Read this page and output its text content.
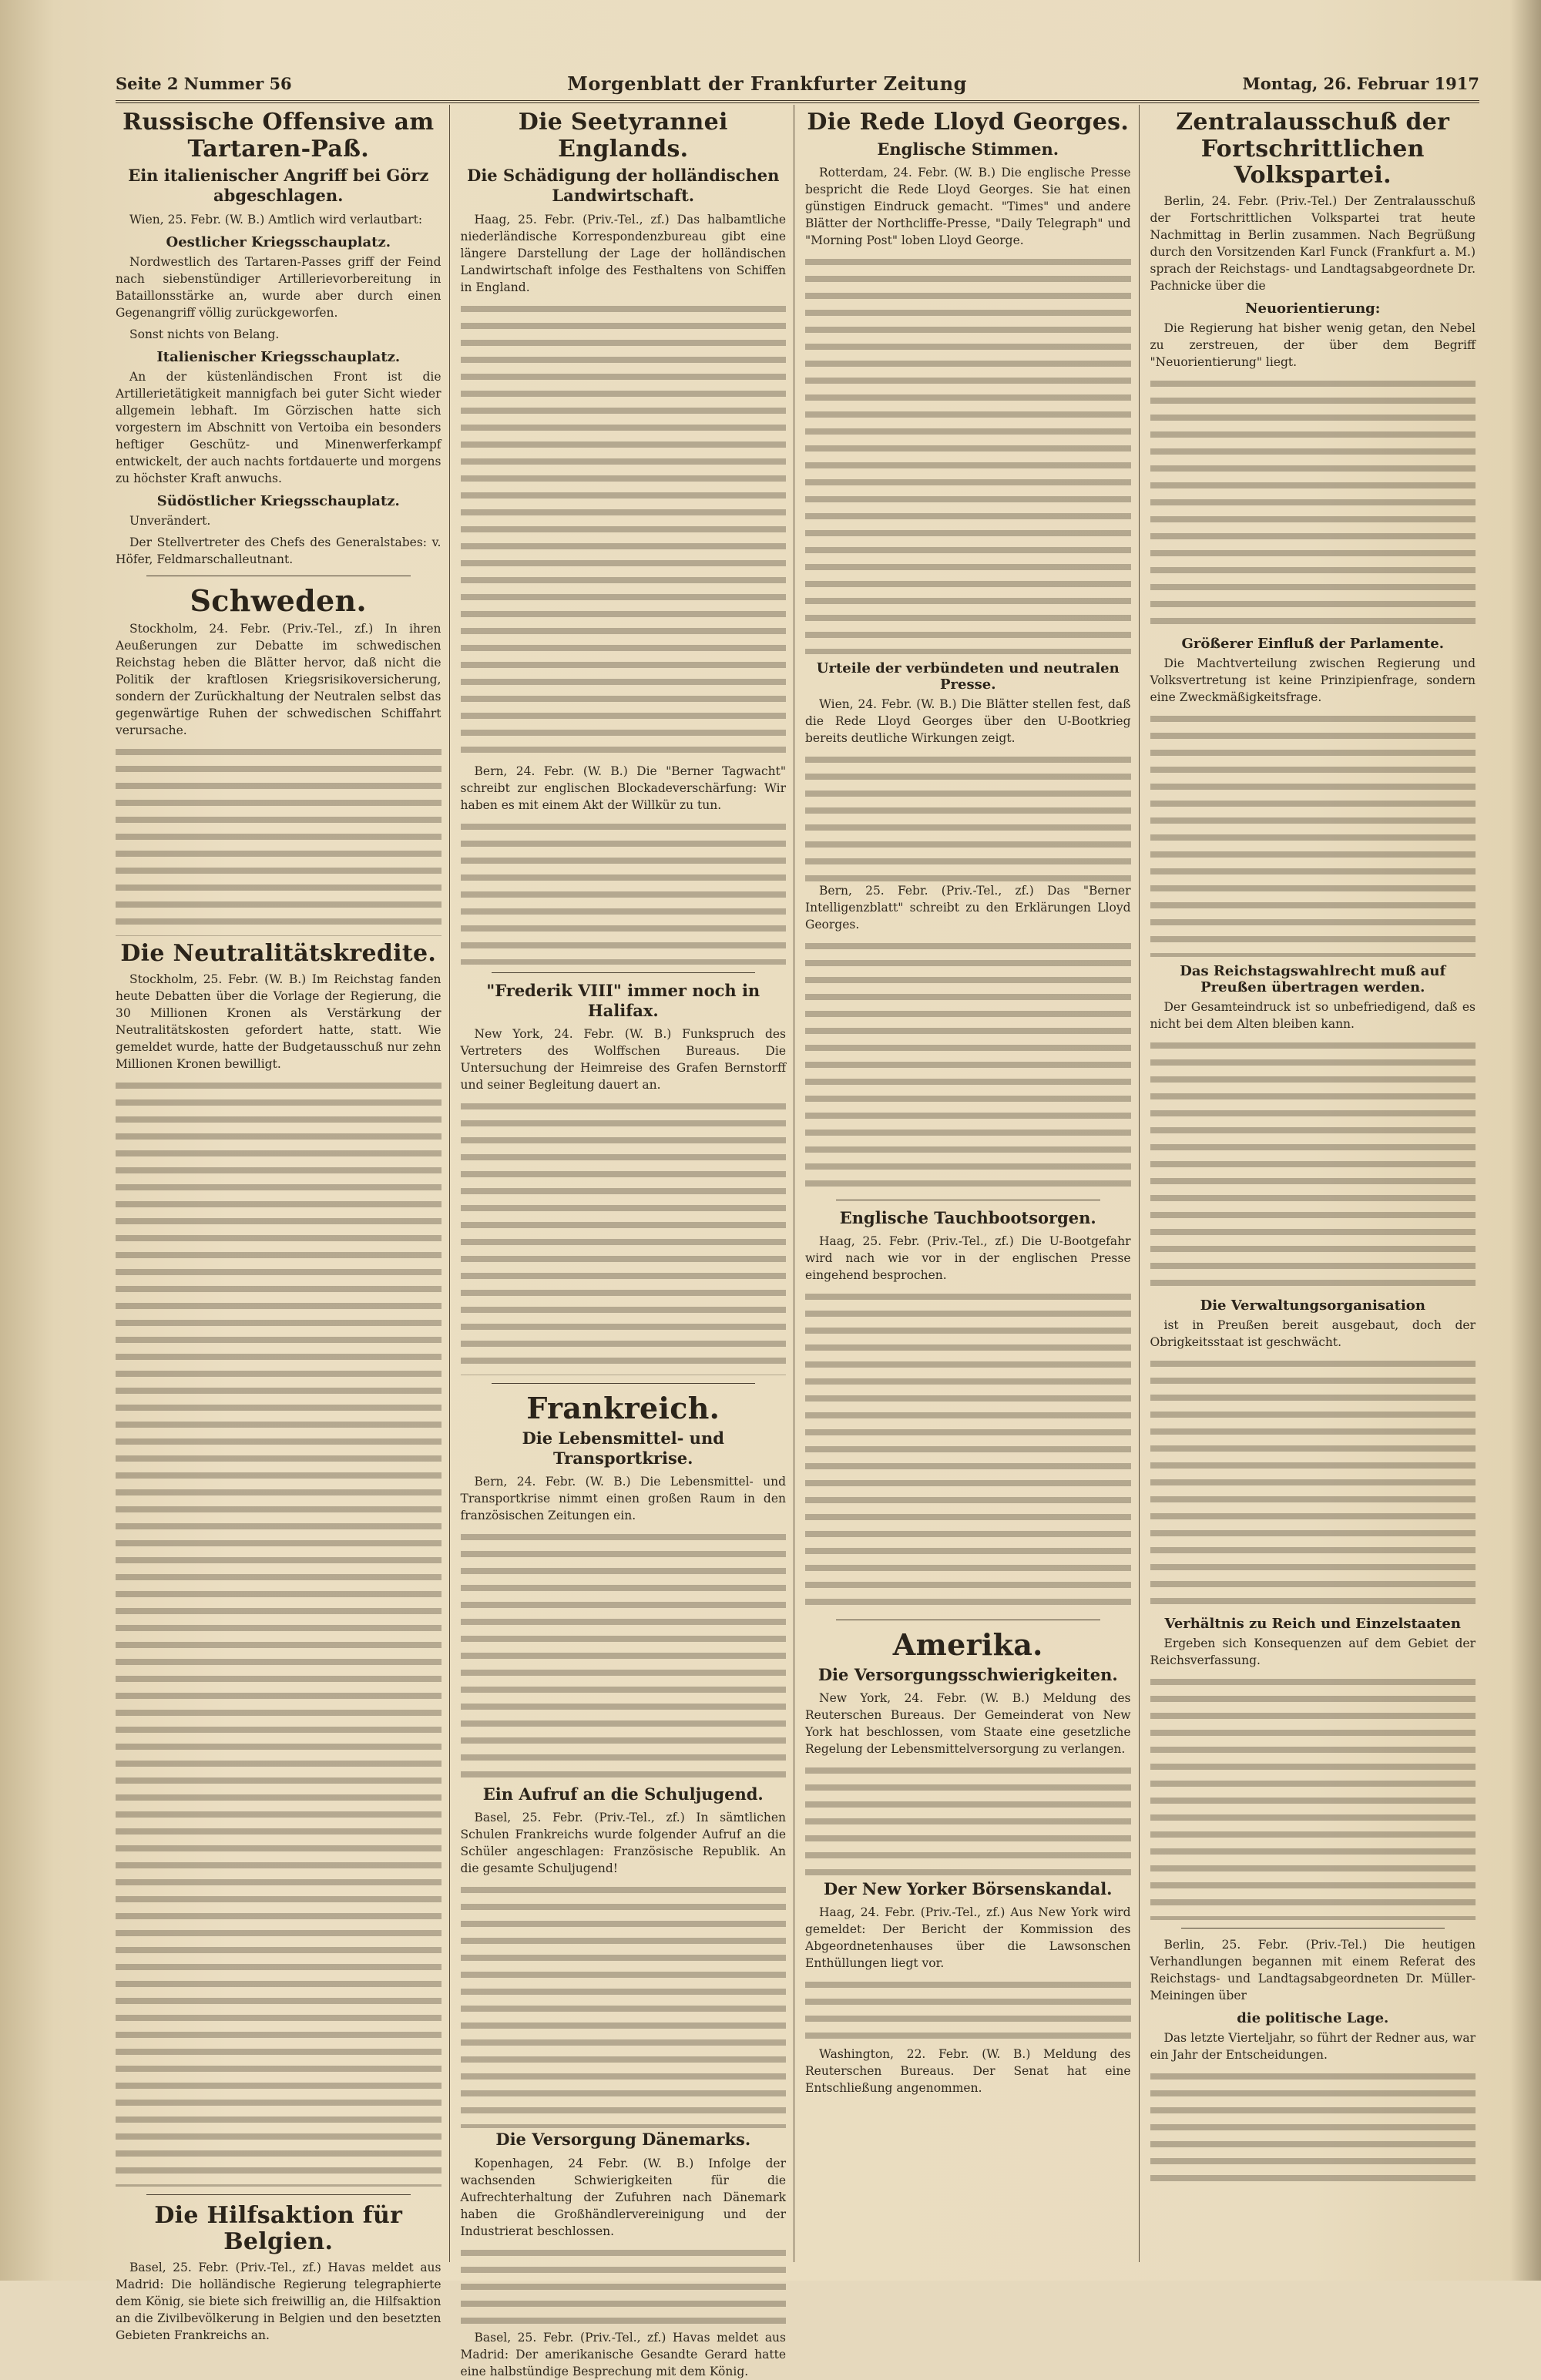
Seite 2 Nummer 56	Morgenblatt der Frankfurter Zeitung	Montag, 26. Februar 1917
Russische Offensive am Tartaren-Paß.
Ein italienischer Angriff bei Görz abgeschlagen.

Wien, 25. Febr. (W. B.) Amtlich wird verlautbart:

Oestlicher Kriegsschauplatz.

Nordwestlich des Tartaren-Passes griff der Feind nach siebenstündiger Artillerievorbereitung in Bataillonsstärke an, wurde aber durch einen Gegenangriff völlig zurückgeworfen.

Sonst nichts von Belang.

Italienischer Kriegsschauplatz.

An der küstenländischen Front ist die Artillerietätigkeit mannigfach bei guter Sicht wieder allgemein lebhaft. Im Görzischen hatte sich vorgestern im Abschnitt von Vertoiba ein besonders heftiger Geschütz- und Minenwerferkampf entwickelt, der auch nachts fortdauerte und morgens zu höchster Kraft anwuchs.

Südöstlicher Kriegsschauplatz.

Unverändert.

Der Stellvertreter des Chefs des Generalstabes: v. Höfer, Feldmarschalleutnant.

Schweden.

Stockholm, 24. Febr. (Priv.-Tel., zf.) In ihren Aeußerungen zur Debatte im schwedischen Reichstag heben die Blätter hervor, daß nicht die Politik der kraftlosen Kriegsrisikoversicherung, sondern der Zurückhaltung der Neutralen selbst das gegenwärtige Ruhen der schwedischen Schiffahrt verursache.

Die Neutralitätskredite.

Stockholm, 25. Febr. (W. B.) Im Reichstag fanden heute Debatten über die Vorlage der Regierung, die 30 Millionen Kronen als Verstärkung der Neutralitätskosten gefordert hatte, statt. Wie gemeldet wurde, hatte der Budgetausschuß nur zehn Millionen Kronen bewilligt.

Die Hilfsaktion für Belgien.

Basel, 25. Febr. (Priv.-Tel., zf.) Havas meldet aus Madrid: Die holländische Regierung telegraphierte dem König, sie biete sich freiwillig an, die Hilfsaktion an die Zivilbevölkerung in Belgien und den besetzten Gebieten Frankreichs an.

Die Seetyrannei Englands.
Die Schädigung der holländischen Landwirtschaft.

Haag, 25. Febr. (Priv.-Tel., zf.) Das halbamtliche niederländische Korrespondenzbureau gibt eine längere Darstellung der Lage der holländischen Landwirtschaft infolge des Festhaltens von Schiffen in England.

Bern, 24. Febr. (W. B.) Die "Berner Tagwacht" schreibt zur englischen Blockadeverschärfung: Wir haben es mit einem Akt der Willkür zu tun.

"Frederik VIII" immer noch in Halifax.

New York, 24. Febr. (W. B.) Funkspruch des Vertreters des Wolffschen Bureaus. Die Untersuchung der Heimreise des Grafen Bernstorff und seiner Begleitung dauert an.

Frankreich.
Die Lebensmittel- und Transportkrise.

Bern, 24. Febr. (W. B.) Die Lebensmittel- und Transportkrise nimmt einen großen Raum in den französischen Zeitungen ein.

Ein Aufruf an die Schuljugend.

Basel, 25. Febr. (Priv.-Tel., zf.) In sämtlichen Schulen Frankreichs wurde folgender Aufruf an die Schüler angeschlagen: Französische Republik. An die gesamte Schuljugend!

Die Versorgung Dänemarks.

Kopenhagen, 24 Febr. (W. B.) Infolge der wachsenden Schwierigkeiten für die Aufrechterhaltung der Zufuhren nach Dänemark haben die Großhändlervereinigung und der Industrierat beschlossen.

Basel, 25. Febr. (Priv.-Tel., zf.) Havas meldet aus Madrid: Der amerikanische Gesandte Gerard hatte eine halbstündige Besprechung mit dem König.

Die Rede Lloyd Georges.
Englische Stimmen.

Rotterdam, 24. Febr. (W. B.) Die englische Presse bespricht die Rede Lloyd Georges. Sie hat einen günstigen Eindruck gemacht. "Times" und andere Blätter der Northcliffe-Presse, "Daily Telegraph" und "Morning Post" loben Lloyd George.

Urteile der verbündeten und neutralen Presse.

Wien, 24. Febr. (W. B.) Die Blätter stellen fest, daß die Rede Lloyd Georges über den U-Bootkrieg bereits deutliche Wirkungen zeigt.

Bern, 25. Febr. (Priv.-Tel., zf.) Das "Berner Intelligenzblatt" schreibt zu den Erklärungen Lloyd Georges.

Englische Tauchbootsorgen.

Haag, 25. Febr. (Priv.-Tel., zf.) Die U-Bootgefahr wird nach wie vor in der englischen Presse eingehend besprochen.

Amerika.
Die Versorgungsschwierigkeiten.

New York, 24. Febr. (W. B.) Meldung des Reuterschen Bureaus. Der Gemeinderat von New York hat beschlossen, vom Staate eine gesetzliche Regelung der Lebensmittelversorgung zu verlangen.

Der New Yorker Börsenskandal.

Haag, 24. Febr. (Priv.-Tel., zf.) Aus New York wird gemeldet: Der Bericht der Kommission des Abgeordnetenhauses über die Lawsonschen Enthüllungen liegt vor.

Washington, 22. Febr. (W. B.) Meldung des Reuterschen Bureaus. Der Senat hat eine Entschließung angenommen.

Zentralausschuß der Fortschrittlichen Volkspartei.

Berlin, 24. Febr. (Priv.-Tel.) Der Zentralausschuß der Fortschrittlichen Volkspartei trat heute Nachmittag in Berlin zusammen. Nach Begrüßung durch den Vorsitzenden Karl Funck (Frankfurt a. M.) sprach der Reichstags- und Landtagsabgeordnete Dr. Pachnicke über die

Neuorientierung:

Die Regierung hat bisher wenig getan, den Nebel zu zerstreuen, der über dem Begriff "Neuorientierung" liegt.

Größerer Einfluß der Parlamente.

Die Machtverteilung zwischen Regierung und Volksvertretung ist keine Prinzipienfrage, sondern eine Zweckmäßigkeitsfrage.

Das Reichstagswahlrecht muß auf Preußen übertragen werden.

Der Gesamteindruck ist so unbefriedigend, daß es nicht bei dem Alten bleiben kann.

Die Verwaltungsorganisation

ist in Preußen bereit ausgebaut, doch der Obrigkeitsstaat ist geschwächt.

Verhältnis zu Reich und Einzelstaaten

Ergeben sich Konsequenzen auf dem Gebiet der Reichsverfassung.

Berlin, 25. Febr. (Priv.-Tel.) Die heutigen Verhandlungen begannen mit einem Referat des Reichstags- und Landtagsabgeordneten Dr. Müller-Meiningen über

die politische Lage.

Das letzte Vierteljahr, so führt der Redner aus, war ein Jahr der Entscheidungen.
